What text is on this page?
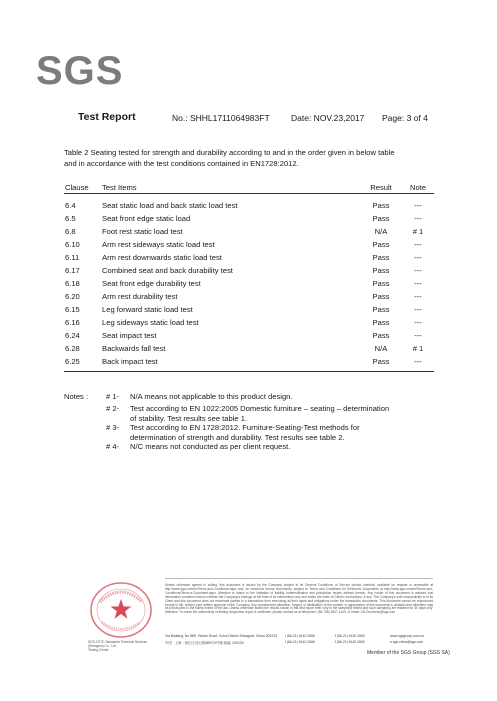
SGS
Test Report	No.: SHHL1711064983FT	Date: NOV.23,2017 Page: 3 of 4
Table 2 Seating tested for strength and durability according to and in the order given in below table
and in accordance with the test conditions contained in EN1728:2012.
Clause Test Items	Result	Note
6.4	Seat static load and back static load test	Pass	---
6.5	Seat front edge static load	Pass	---
6.8	Foot rest static load test	N/A	# 1
6.10	Arm rest sideways static load test	Pass	---
6.11	Arm rest downwards static load test	Pass	---
6.17	Combined seat and back durability test	Pass	---
6.18	Seat front edge durability test	Pass	---
6.20	Arm rest durability test	Pass	---
6.15	Leg forward static load test	Pass	---
6.16	Leg sideways static load test	Pass	---
6.24	Seat impact test	Pass	---
6.28	Backwards fall test	N/A	# 1
6.25	Back impact test	Pass	---
Notes : # 1- N/A means not applicable to this product design.
# 2- Test according to EN 1022:2005 Domestic furniture – seating – determination
of stability. Test results see table 1.
# 3- Test according to EN 1728:2012. Furniture-Seating-Test methods for
determination of strength and durability. Test results see table 2.
# 4- N/C means not conducted as per client request.
Unless otherwise agreed in writing, this document is issued by the Company subject to its General Conditions of Service printed overleaf, available on request or accessible at http://www.sgs.com/en/Terms-and-Conditions.aspx and, for electronic format documents, subject to Terms and Conditions for Electronic Documents at http://www.sgs.com/en/Terms-and-Conditions/Terms-e-Document.aspx. Attention is drawn to the limitation of liability, indemnification and jurisdiction issues defined therein. Any holder of this document is advised that information contained hereon reflects the Company's findings at the time of its intervention only and within the limits of Client's instructions, if any. The Company's sole responsibility is to its Client and this document does not exonerate parties to a transaction from exercising all their rights and obligations under the transaction documents. This document cannot be reproduced except in full, without prior written approval of the Company. Any unauthorized alteration, forgery or falsification of the content or appearance of this document is unlawful and offenders may be prosecuted to the fullest extent of the law. Unless otherwise stated the results shown in this test report refer only to the sample(s) tested and such sample(s) are retained for 30 days only. Attention: To check the authenticity of testing /inspection report & certificate, please contact us at telephone: (86-755) 8307 1443, or email: CN.Doccheck@sgs.com
3rd Building, No.889, Yishan Road, Xuhui District Shanghai, China 200233 t (86-21) 6140 2666	f (86-21) 6140 2660	www.sgsgroup.com.cn
中国 · 上海 · 徐汇区宜山路889号3号楼 邮编: 200233	t (86-21) 6140 2666	f (86-21) 6140 2660	e sgs.china@sgs.com
SGS-CSTC Standards Technical Services (Shanghai) Co., Ltd.
Testing Center	Member of the SGS Group (SGS SA)
